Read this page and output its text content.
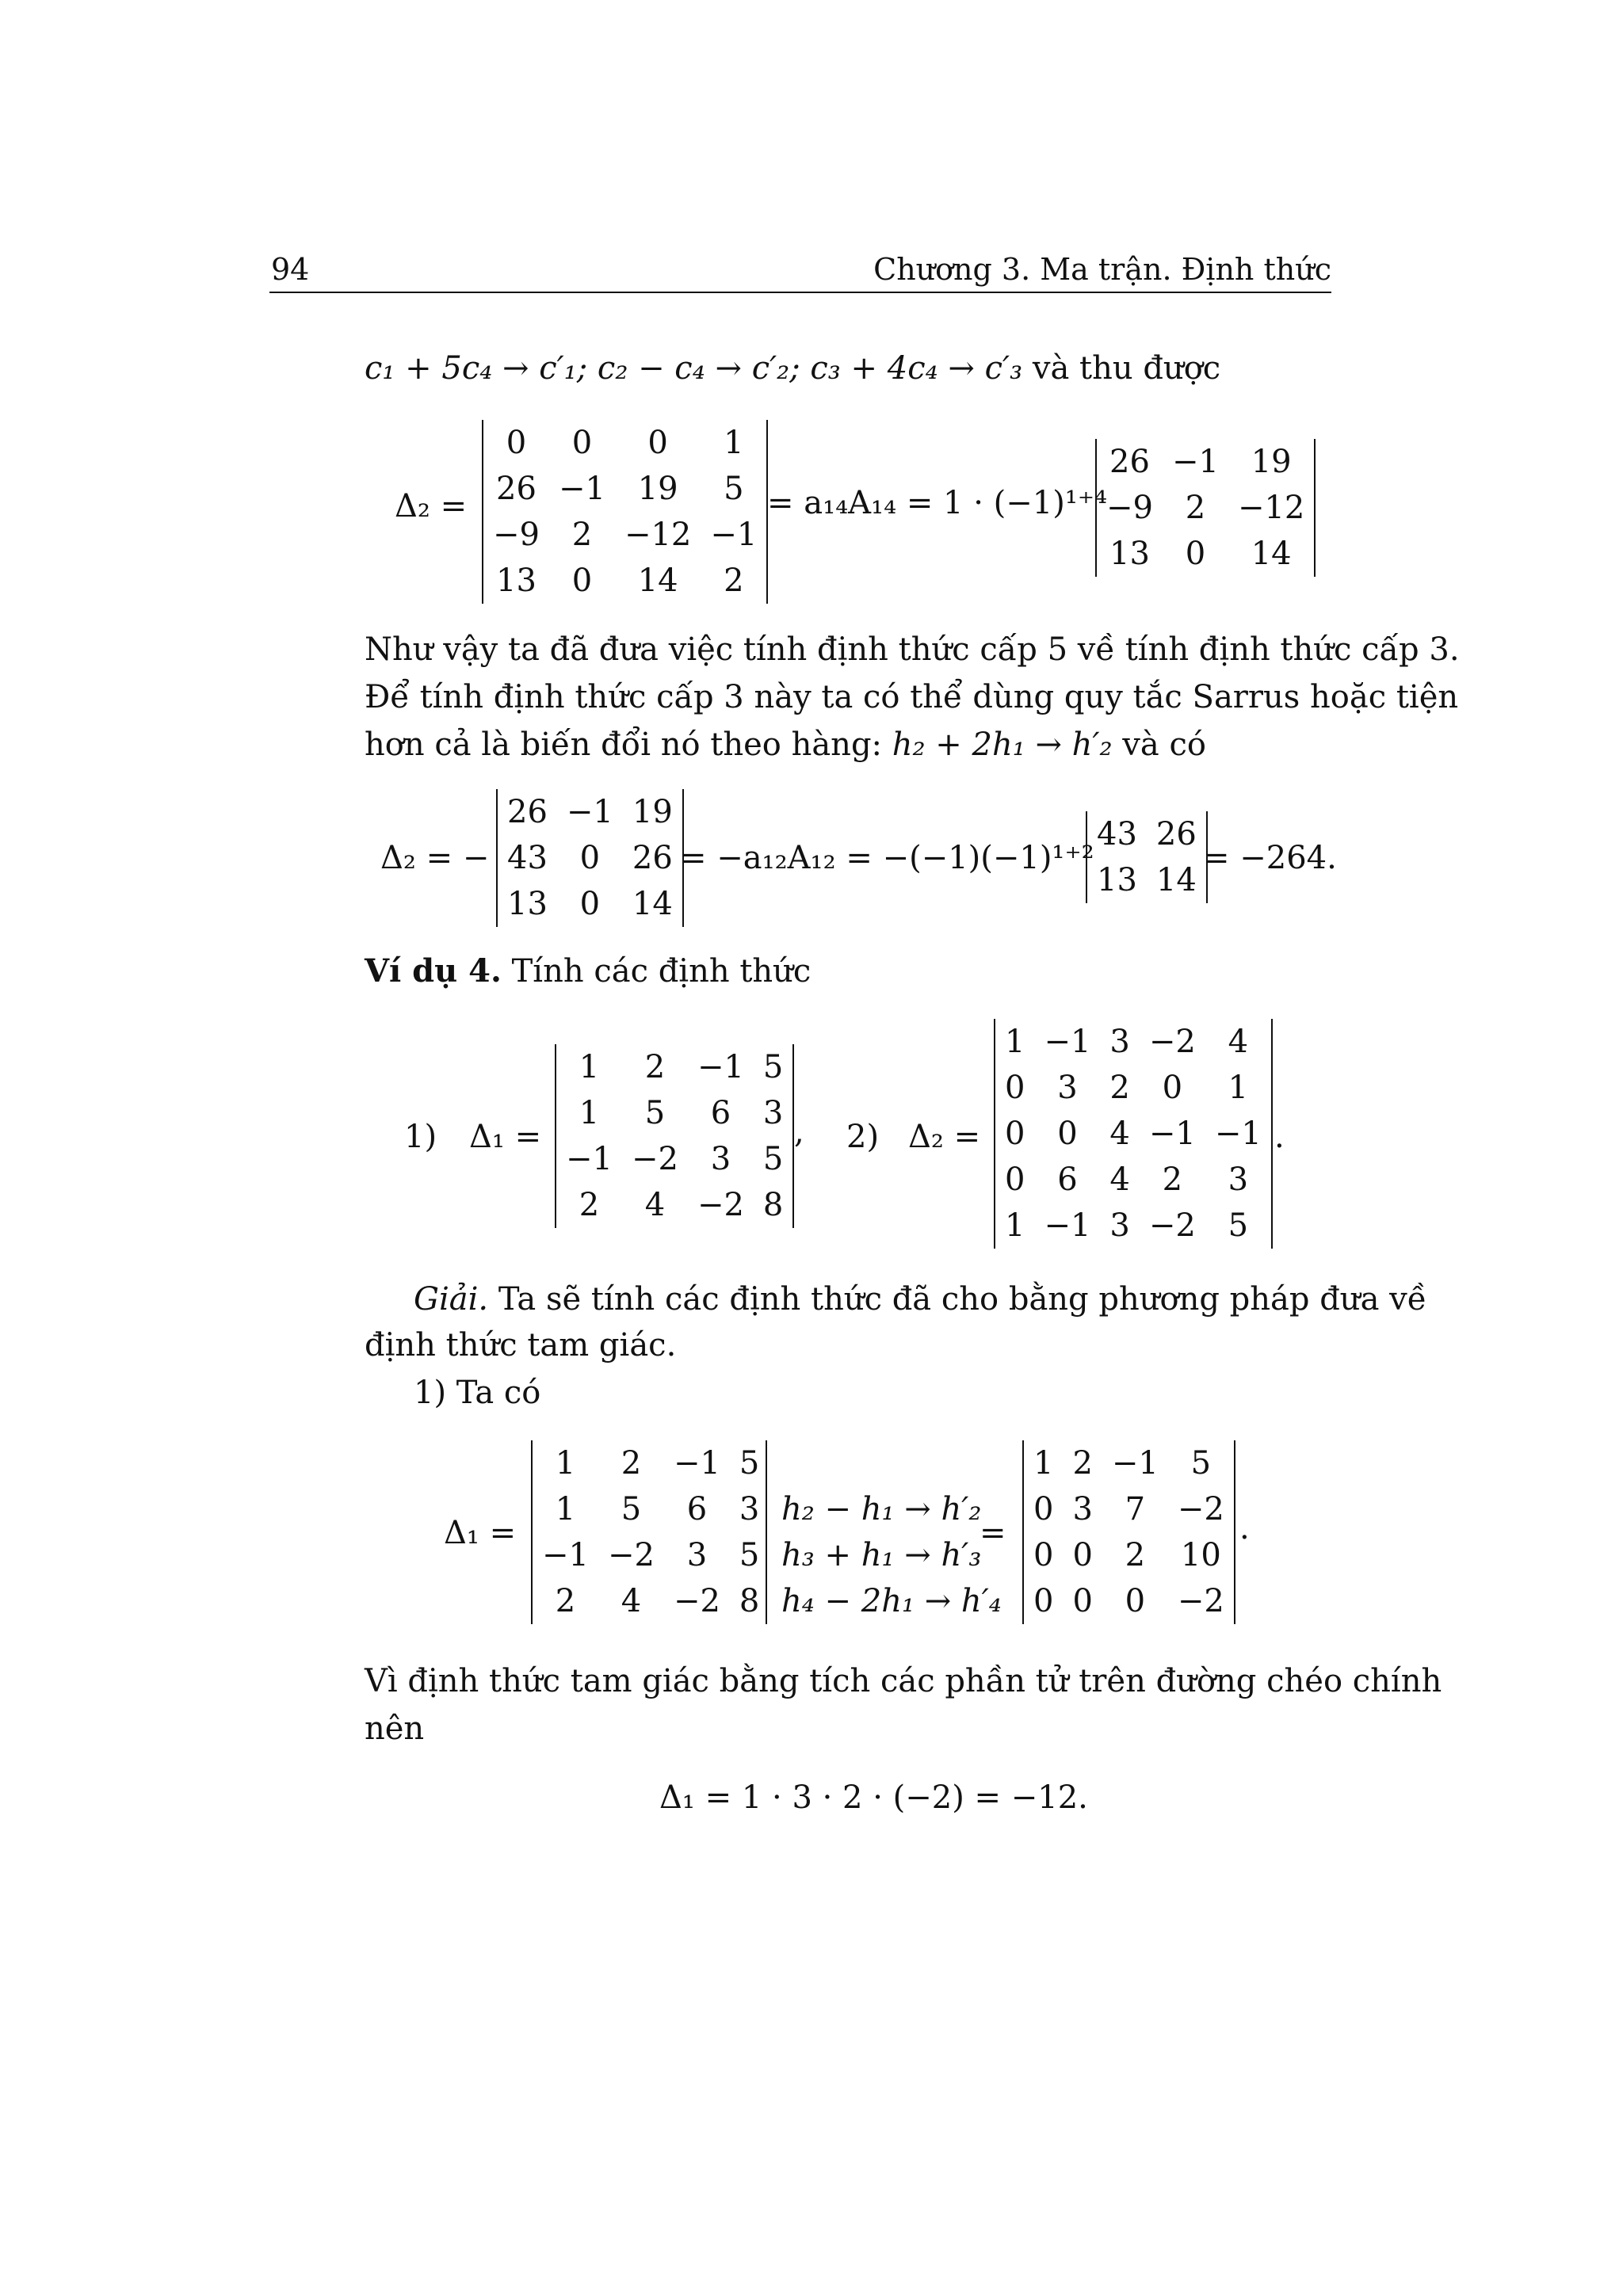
94	Chương 3. Ma trận. Định thức
c₁ + 5c₄ → c′₁; c₂ − c₄ → c′₂; c₃ + 4c₄ → c′₃ và thu được
Δ₂ =
0	0	0	1
26	−1	19	5
−9	2	−12	−1
13	0	14	2
= a₁₄A₁₄ = 1 · (−1)¹⁺⁴
26	−1	19
−9	2	−12
13	0	14
Như vậy ta đã đưa việc tính định thức cấp 5 về tính định thức cấp 3.
Để tính định thức cấp 3 này ta có thể dùng quy tắc Sarrus hoặc tiện
hơn cả là biến đổi nó theo hàng: h₂ + 2h₁ → h′₂ và có
Δ₂ = −
26	−1	19
43	0	26
13	0	14
= −a₁₂A₁₂ = −(−1)(−1)¹⁺²
43	26
13	14
= −264.
Ví dụ 4. Tính các định thức
1) Δ₁ =
1	2	−1	5
1	5	6	3
−1	−2	3	5
2	4	−2	8
, 2) Δ₂ =
1	−1	3	−2	4
0	3	2	0	1
0	0	4	−1	−1
0	6	4	2	3
1	−1	3	−2	5
.
Giải. Ta sẽ tính các định thức đã cho bằng phương pháp đưa về
định thức tam giác.
1) Ta có
Δ₁ =
1	2	−1	5
1	5	6	3
−1	−2	3	5
2	4	−2	8
h₂ − h₁ → h′₂
h₃ + h₁ → h′₃
h₄ − 2h₁ → h′₄
=
1	2	−1	5
0	3	7	−2
0	0	2	10
0	0	0	−2
.
Vì định thức tam giác bằng tích các phần tử trên đường chéo chính
nên
Δ₁ = 1 · 3 · 2 · (−2) = −12.
